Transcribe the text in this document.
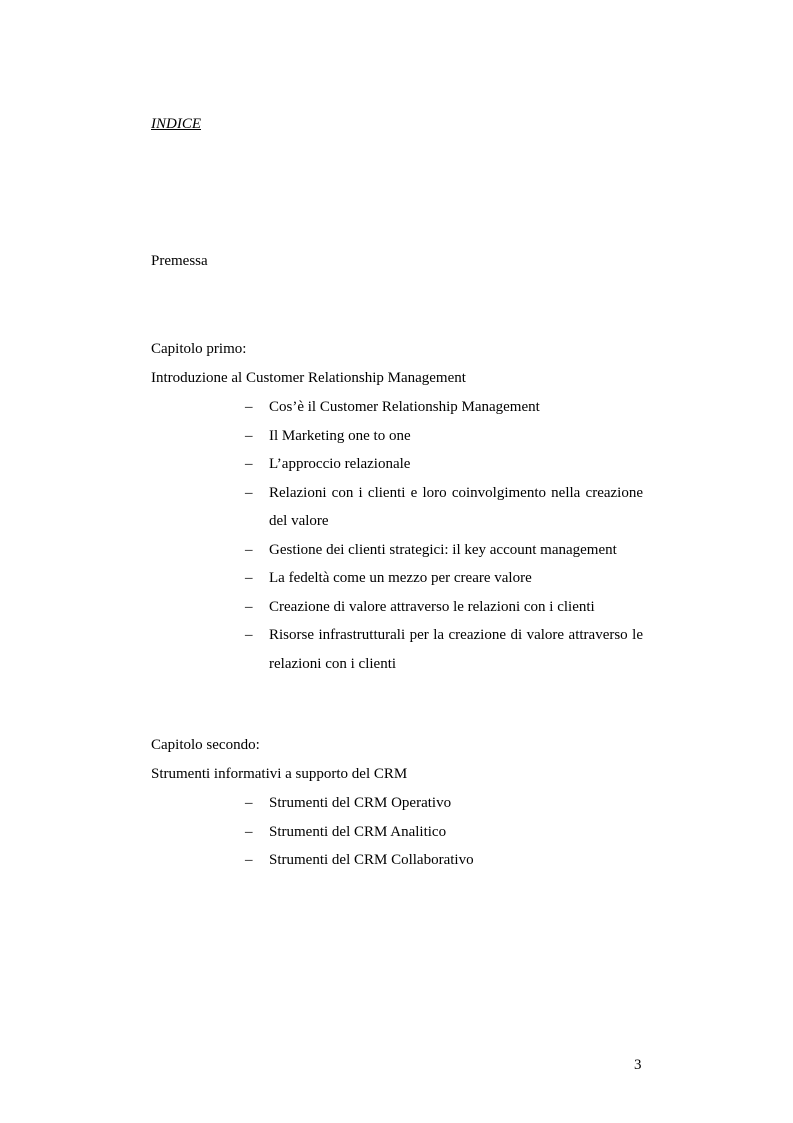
INDICE
Premessa
Capitolo primo:
Introduzione al Customer Relationship Management
– Cos’è il Customer Relationship Management
– Il Marketing one to one
– L’approccio relazionale
– Relazioni con i clienti e loro coinvolgimento nella creazione del valore
– Gestione dei clienti strategici: il key account management
– La fedeltà come un mezzo per creare valore
– Creazione di valore attraverso le relazioni con i clienti
– Risorse infrastrutturali per la creazione di valore attraverso le relazioni con i clienti
Capitolo secondo:
Strumenti informativi a supporto del CRM
– Strumenti del CRM Operativo
– Strumenti del CRM Analitico
– Strumenti del CRM Collaborativo
3
